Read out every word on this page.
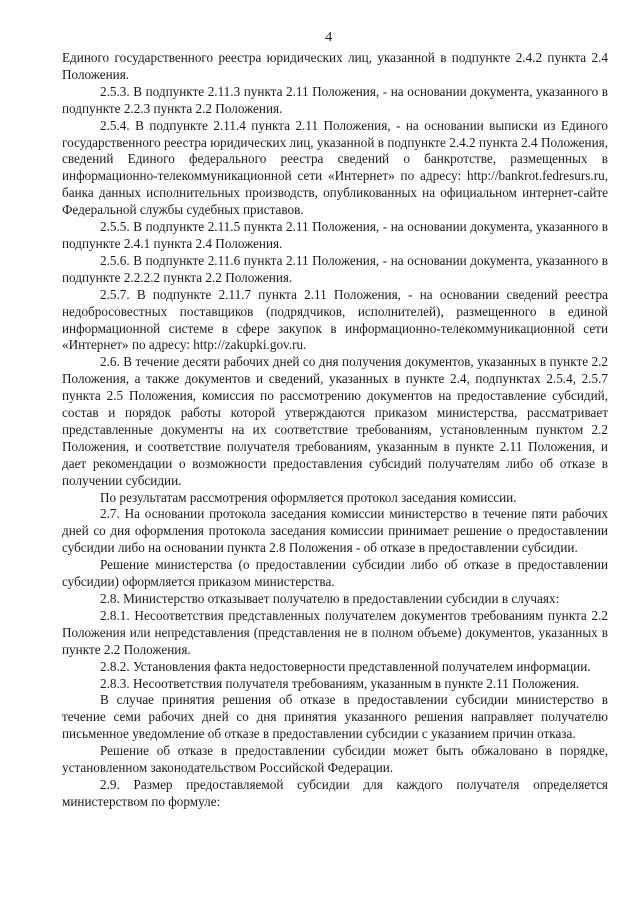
4

Единого государственного реестра юридических лиц, указанной в подпункте 2.4.2 пункта 2.4 Положения.

2.5.3. В подпункте 2.11.3 пункта 2.11 Положения, - на основании документа, указанного в подпункте 2.2.3 пункта 2.2 Положения.

2.5.4. В подпункте 2.11.4 пункта 2.11 Положения, - на основании выписки из Единого государственного реестра юридических лиц, указанной в подпункте 2.4.2 пункта 2.4 Положения, сведений Единого федерального реестра сведений о банкротстве, размещенных в информационно-телекоммуникационной сети «Интернет» по адресу: http://bankrot.fedresurs.ru, банка данных исполнительных производств, опубликованных на официальном интернет-сайте Федеральной службы судебных приставов.

2.5.5. В подпункте 2.11.5 пункта 2.11 Положения, - на основании документа, указанного в подпункте 2.4.1 пункта 2.4 Положения.

2.5.6. В подпункте 2.11.6 пункта 2.11 Положения, - на основании документа, указанного в подпункте 2.2.2.2 пункта 2.2 Положения.

2.5.7. В подпункте 2.11.7 пункта 2.11 Положения, - на основании сведений реестра недобросовестных поставщиков (подрядчиков, исполнителей), размещенного в единой информационной системе в сфере закупок в информационно-телекоммуникационной сети «Интернет» по адресу: http://zakupki.gov.ru.

2.6. В течение десяти рабочих дней со дня получения документов, указанных в пункте 2.2 Положения, а также документов и сведений, указанных в пункте 2.4, подпунктах 2.5.4, 2.5.7 пункта 2.5 Положения, комиссия по рассмотрению документов на предоставление субсидий, состав и порядок работы которой утверждаются приказом министерства, рассматривает представленные документы на их соответствие требованиям, установленным пунктом 2.2 Положения, и соответствие получателя требованиям, указанным в пункте 2.11 Положения, и дает рекомендации о возможности предоставления субсидий получателям либо об отказе в получении субсидии.

По результатам рассмотрения оформляется протокол заседания комиссии.

2.7. На основании протокола заседания комиссии министерство в течение пяти рабочих дней со дня оформления протокола заседания комиссии принимает решение о предоставлении субсидии либо на основании пункта 2.8 Положения - об отказе в предоставлении субсидии.

Решение министерства (о предоставлении субсидии либо об отказе в предоставлении субсидии) оформляется приказом министерства.

2.8. Министерство отказывает получателю в предоставлении субсидии в случаях:

2.8.1. Несоответствия представленных получателем документов требованиям пункта 2.2 Положения или непредставления (представления не в полном объеме) документов, указанных в пункте 2.2 Положения.

2.8.2. Установления факта недостоверности представленной получателем информации.

2.8.3. Несоответствия получателя требованиям, указанным в пункте 2.11 Положения.

В случае принятия решения об отказе в предоставлении субсидии министерство в течение семи рабочих дней со дня принятия указанного решения направляет получателю письменное уведомление об отказе в предоставлении субсидии с указанием причин отказа.

Решение об отказе в предоставлении субсидии может быть обжаловано в порядке, установленном законодательством Российской Федерации.

2.9. Размер предоставляемой субсидии для каждого получателя определяется министерством по формуле:
